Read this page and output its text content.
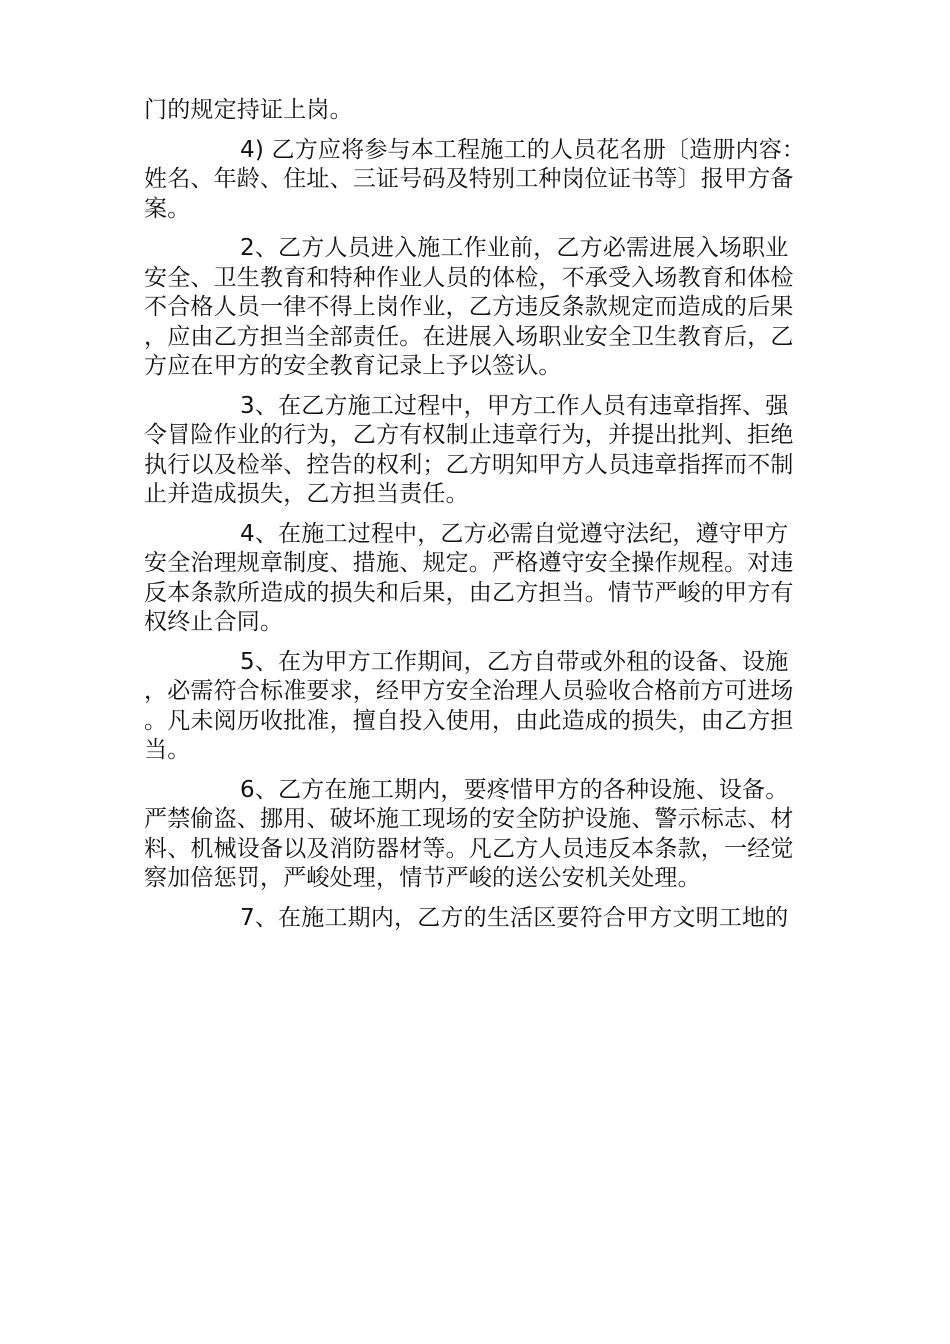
门的规定持证上岗。

4) 乙方应将参与本工程施工的人员花名册〔造册内容：姓名、年龄、住址、三证号码及特别工种岗位证书等〕报甲方备案。

2、乙方人员进入施工作业前，乙方必需进展入场职业安全、卫生教育和特种作业人员的体检，不承受入场教育和体检不合格人员一律不得上岗作业，乙方违反条款规定而造成的后果，应由乙方担当全部责任。在进展入场职业安全卫生教育后，乙方应在甲方的安全教育记录上予以签认。

3、在乙方施工过程中，甲方工作人员有违章指挥、强令冒险作业的行为，乙方有权制止违章行为，并提出批判、拒绝执行以及检举、控告的权利；乙方明知甲方人员违章指挥而不制止并造成损失，乙方担当责任。

4、在施工过程中，乙方必需自觉遵守法纪，遵守甲方安全治理规章制度、措施、规定。严格遵守安全操作规程。对违反本条款所造成的损失和后果，由乙方担当。情节严峻的甲方有权终止合同。

5、在为甲方工作期间，乙方自带或外租的设备、设施，必需符合标准要求，经甲方安全治理人员验收合格前方可进场。凡未阅历收批准，擅自投入使用，由此造成的损失，由乙方担当。

6、乙方在施工期内，要疼惜甲方的各种设施、设备。严禁偷盗、挪用、破坏施工现场的安全防护设施、警示标志、材料、机械设备以及消防器材等。凡乙方人员违反本条款，一经觉察加倍惩罚，严峻处理，情节严峻的送公安机关处理。

7、在施工期内，乙方的生活区要符合甲方文明工地的
